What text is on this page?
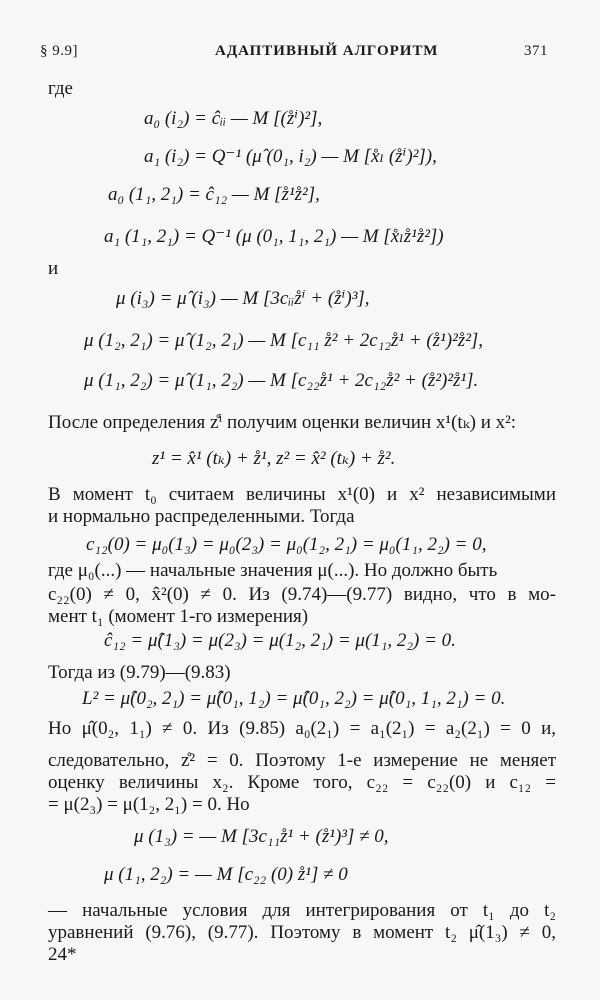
§ 9.9]	АДАПТИВНЫЙ АЛГОРИТМ	371
где
a₀ (i₂) = ĉᵢᵢ — M [(z̊ⁱ)²],
a₁ (i₂) = Q⁻¹ (μ̂ (0₁, i₂) — M [x̊ₗ (z̊ⁱ)²]),
a₀ (1₁, 2₁) = ĉ₁₂ — M [z̊¹z̊²],
a₁ (1₁, 2₁) = Q⁻¹ (μ (0₁, 1₁, 2₁) — M [x̊ₗz̊¹z̊²])
и
μ (i₃) = μ̂ (i₃) — M [3cᵢᵢz̊ⁱ + (z̊ⁱ)³],
μ (1₂, 2₁) = μ̂ (1₂, 2₁) — M [c₁₁ z̊² + 2c₁₂z̊¹ + (z̊¹)²z̊²],
μ (1₁, 2₂) = μ̂ (1₁, 2₂) — M [c₂₂z̊¹ + 2c₁₂z̊² + (z̊²)²z̊¹].
После определения z̊ⁱ получим оценки величин x¹(tₖ) и x²:
z¹ = x̂¹ (tₖ) + z̊¹, z² = x̂² (tₖ) + z̊².
В момент t₀ считаем величины x¹(0) и x² независимыми
и нормально распределенными. Тогда
c₁₂(0) = μ₀(1₃) = μ₀(2₃) = μ₀(1₂, 2₁) = μ₀(1₁, 2₂) = 0,
где μ₀(...) — начальные значения μ(...). Но должно быть
c₂₂(0) ≠ 0, x̂²(0) ≠ 0. Из (9.74)—(9.77) видно, что в мо-
мент t₁ (момент 1-го измерения)
ĉ₁₂ = μ̂(1₃) = μ(2₃) = μ(1₂, 2₁) = μ(1₁, 2₂) = 0.
Тогда из (9.79)—(9.83)
L² = μ̂(0₂, 2₁) = μ̂(0₁, 1₂) = μ̂(0₁, 2₂) = μ̂(0₁, 1₁, 2₁) = 0.
Но μ̂(0₂, 1₁) ≠ 0. Из (9.85) a₀(2₁) = a₁(2₁) = a₂(2₁) = 0 и,
следовательно, z̊² = 0. Поэтому 1-е измерение не меняет
оценку величины x₂. Кроме того, c₂₂ = c₂₂(0) и c₁₂ =
= μ(2₃) = μ(1₂, 2₁) = 0. Но
μ (1₃) = — M [3c₁₁z̊¹ + (z̊¹)³] ≠ 0,
μ (1₁, 2₂) = — M [c₂₂ (0) z̊¹] ≠ 0
— начальные условия для интегрирования от t₁ до t₂
уравнений (9.76), (9.77). Поэтому в момент t₂ μ̂(1₃) ≠ 0,
24*
